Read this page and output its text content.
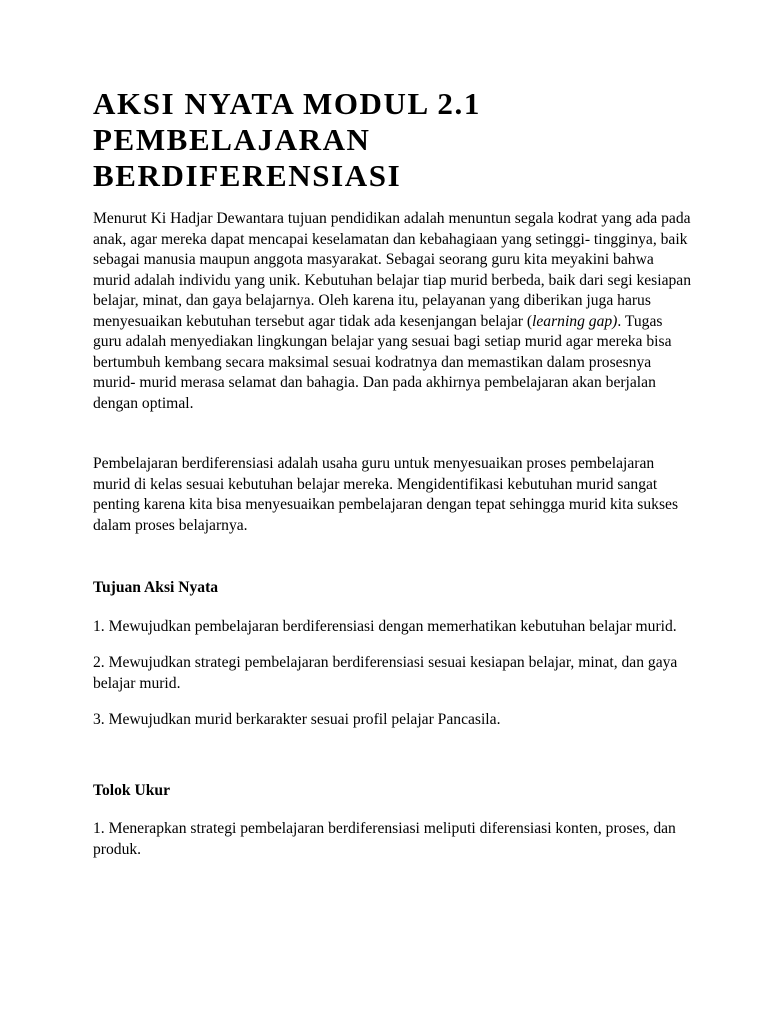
AKSI NYATA MODUL 2.1
PEMBELAJARAN
BERDIFERENSIASI

Menurut Ki Hadjar Dewantara tujuan pendidikan adalah menuntun segala kodrat yang ada pada anak, agar mereka dapat mencapai keselamatan dan kebahagiaan yang setinggi- tingginya, baik sebagai manusia maupun anggota masyarakat. Sebagai seorang guru kita meyakini bahwa murid adalah individu yang unik. Kebutuhan belajar tiap murid berbeda, baik dari segi kesiapan belajar, minat, dan gaya belajarnya. Oleh karena itu, pelayanan yang diberikan juga harus menyesuaikan kebutuhan tersebut agar tidak ada kesenjangan belajar (learning gap). Tugas guru adalah menyediakan lingkungan belajar yang sesuai bagi setiap murid agar mereka bisa bertumbuh kembang secara maksimal sesuai kodratnya dan memastikan dalam prosesnya murid- murid merasa selamat dan bahagia. Dan pada akhirnya pembelajaran akan berjalan dengan optimal.

Pembelajaran berdiferensiasi adalah usaha guru untuk menyesuaikan proses pembelajaran murid di kelas sesuai kebutuhan belajar mereka. Mengidentifikasi kebutuhan murid sangat penting karena kita bisa menyesuaikan pembelajaran dengan tepat sehingga murid kita sukses dalam proses belajarnya.

Tujuan Aksi Nyata

1. Mewujudkan pembelajaran berdiferensiasi dengan memerhatikan kebutuhan belajar murid.
2. Mewujudkan strategi pembelajaran berdiferensiasi sesuai kesiapan belajar, minat, dan gaya belajar murid.
3. Mewujudkan murid berkarakter sesuai profil pelajar Pancasila.

Tolok Ukur

1. Menerapkan strategi pembelajaran berdiferensiasi meliputi diferensiasi konten, proses, dan produk.
